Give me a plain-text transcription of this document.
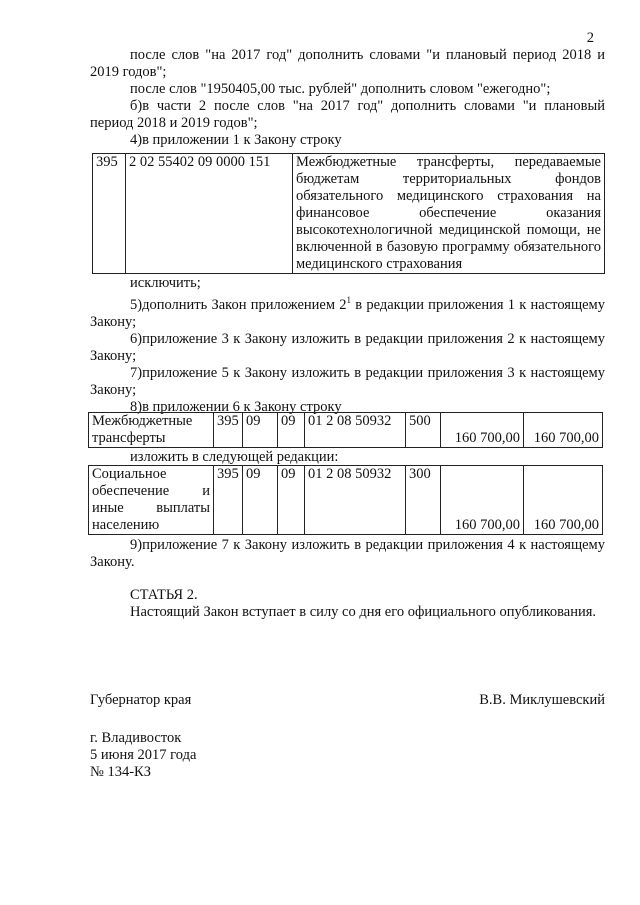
2

после слов "на 2017 год" дополнить словами "и плановый период 2018 и 2019 годов";

после слов "1950405,00 тыс. рублей" дополнить словом "ежегодно";

б)в части 2 после слов "на 2017 год" дополнить словами "и плановый период 2018 и 2019 годов";

4)в приложении 1 к Закону строку

395	2 02 55402 09 0000 151	Межбюджетные трансферты, передаваемые бюджетам территориальных фондов обязательного медицинского страхования на финансовое обеспечение оказания высокотехнологичной медицинской помощи, не включенной в базовую программу обязательного медицинского страхования

исключить;

5)дополнить Закон приложением $2^1$ в редакции приложения 1 к настоящему Закону;

6)приложение 3 к Закону изложить в редакции приложения 2 к настоящему Закону;

7)приложение 5 к Закону изложить в редакции приложения 3 к настоящему Закону;

8)в приложении 6 к Закону строку

Межбюджетные трансферты	395	09	09	01 2 08 50932	500	160 700,00	160 700,00

изложить в следующей редакции:

Социальное обеспечение и иные выплаты населению	395	09	09	01 2 08 50932	300	160 700,00	160 700,00

9)приложение 7 к Закону изложить в редакции приложения 4 к настоящему Закону.

СТАТЬЯ 2.

Настоящий Закон вступает в силу со дня его официального опубликования.

Губернатор края	В.В. Миклушевский
г. Владивосток
5 июня 2017 года
№ 134-КЗ
